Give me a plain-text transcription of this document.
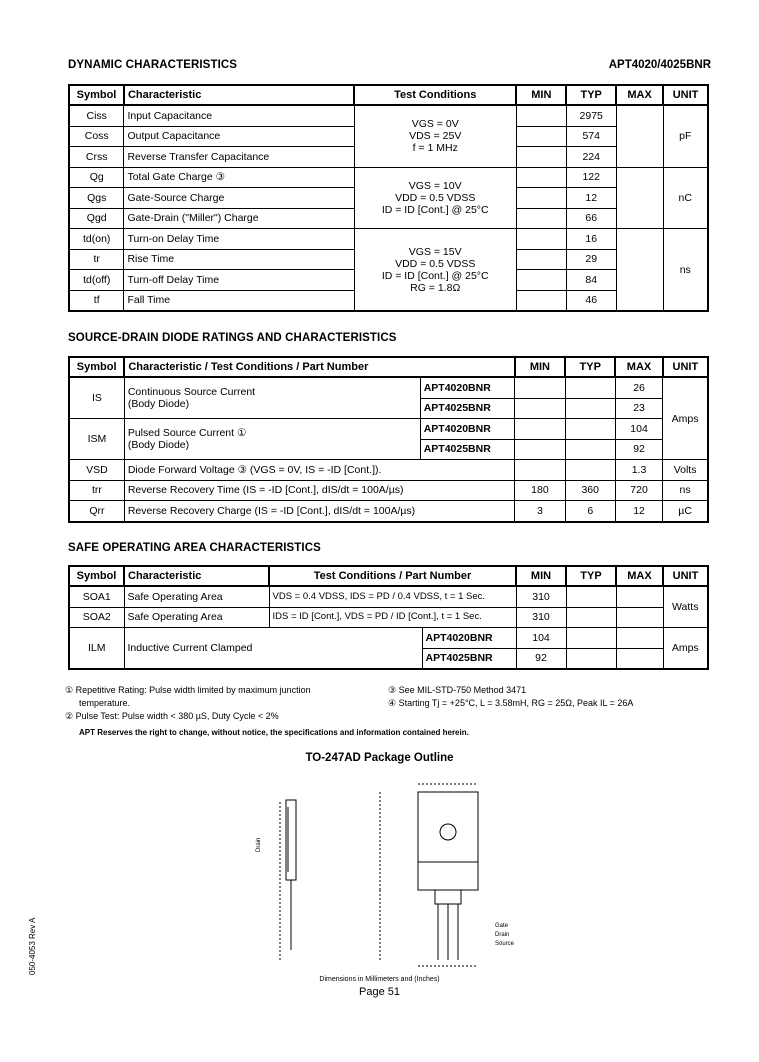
DYNAMIC CHARACTERISTICS	APT4020/4025BNR
Symbol	Characteristic	Test Conditions	MIN	TYP	MAX	UNIT
Ciss	Input Capacitance	VGS = 0V
VDS = 25V
f = 1 MHz		2975		pF
Coss	Output Capacitance			574		
Crss	Reverse Transfer Capacitance			224		
Qg	Total Gate Charge ③	VGS = 10V
VDD = 0.5 VDSS
ID = ID [Cont.] @ 25°C		122		nC
Qgs	Gate-Source Charge			12		
Qgd	Gate-Drain ("Miller") Charge			66		
td(on)	Turn-on Delay Time	VGS = 15V
VDD = 0.5 VDSS
ID = ID [Cont.] @ 25°C
RG = 1.8Ω		16		ns
tr	Rise Time			29		
td(off)	Turn-off Delay Time			84		
tf	Fall Time			46		
SOURCE-DRAIN DIODE RATINGS AND CHARACTERISTICS
Symbol	Characteristic / Test Conditions / Part Number		MIN	TYP	MAX	UNIT
IS	Continuous Source Current
(Body Diode)	APT4020BNR			26	Amps
		APT4025BNR			23	
ISM	Pulsed Source Current ①
(Body Diode)	APT4020BNR			104	
		APT4025BNR			92	
VSD	Diode Forward Voltage ③ (VGS = 0V, IS = -ID [Cont.]).				1.3	Volts
trr	Reverse Recovery Time (IS = -ID [Cont.], dIS/dt = 100A/µs)		180	360	720	ns
Qrr	Reverse Recovery Charge (IS = -ID [Cont.], dIS/dt = 100A/µs)		3	6	12	µC
SAFE OPERATING AREA CHARACTERISTICS
Symbol	Characteristic	Test Conditions / Part Number		MIN	TYP	MAX	UNIT
SOA1	Safe Operating Area	VDS = 0.4 VDSS, IDS = PD / 0.4 VDSS, t = 1 Sec.		310			Watts
SOA2	Safe Operating Area	IDS = ID [Cont.], VDS = PD / ID [Cont.], t = 1 Sec.		310			
ILM	Inductive Current Clamped		APT4020BNR	104			Amps
			APT4025BNR	92			
① Repetitive Rating: Pulse width limited by maximum junction
temperature.
② Pulse Test: Pulse width < 380 µS, Duty Cycle < 2%
③ See MIL-STD-750 Method 3471
④ Starting Tj = +25°C, L = 3.58mH, RG = 25Ω, Peak IL = 26A
APT Reserves the right to change, without notice, the specifications and information contained herein.
TO-247AD Package Outline
Drain
Gate
Drain
Source
Dimensions in Millimeters and (Inches)
Page 51
050-4053 Rev A
